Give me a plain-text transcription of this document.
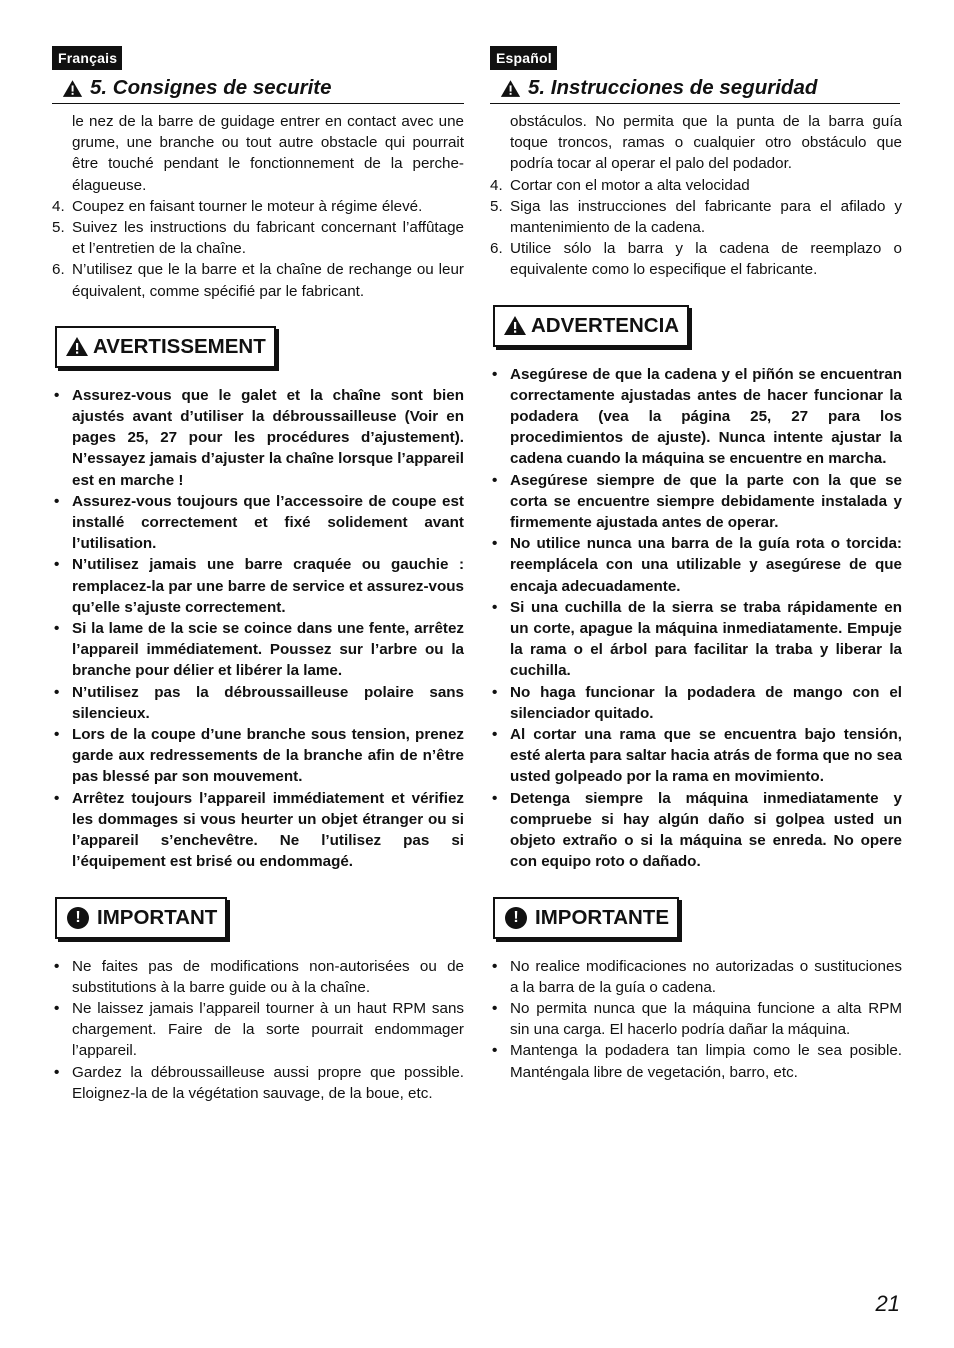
Français
5. Consignes de securite

le nez de la barre de guidage entrer en contact avec une grume, une branche ou tout autre obstacle qui pourrait être touché pendant le fonctionnement de la perche-élagueuse.

4. Coupez en faisant tourner le moteur à régime élevé.

5. Suivez les instructions du fabricant concernant l’affûtage et l’entretien de la chaîne.

6. N’utilisez que le la barre et la chaîne de rechange ou leur équivalent, comme spécifié par le fabricant.

AVERTISSEMENT

• Assurez-vous que le galet et la chaîne sont bien ajustés avant d’utiliser la débroussailleuse (Voir en pages 25, 27 pour les procédures d’ajustement). N’essayez jamais d’ajuster la chaîne lorsque l’appareil est en marche !

• Assurez-vous toujours que l’accessoire de coupe est installé correctement et fixé solidement avant l’utilisation.

• N’utilisez jamais une barre craquée ou gauchie : remplacez-la par une barre de service et assurez-vous qu’elle s’ajuste correctement.

• Si la lame de la scie se coince dans une fente, arrêtez l’appareil immédiatement. Poussez sur l’arbre ou la branche pour délier et libérer la lame.

• N’utilisez pas la débroussailleuse polaire sans silencieux.

• Lors de la coupe d’une branche sous tension, prenez garde aux redressements de la branche afin de n’être pas blessé par son mouvement.

• Arrêtez toujours l’appareil immédiatement et vérifiez les dommages si vous heurter un objet étranger ou si l’appareil s’enchevêtre. Ne l’utilisez pas si l’équipement est brisé ou endommagé.

! IMPORTANT

• Ne faites pas de modifications non-autorisées ou de substitutions à la barre guide ou à la chaîne.

• Ne laissez jamais l’appareil tourner à un haut RPM sans chargement. Faire de la sorte pourrait endommager l’appareil.

• Gardez la débroussailleuse aussi propre que possible. Eloignez-la de la végétation sauvage, de la boue, etc.

Español
5. Instrucciones de seguridad

obstáculos. No permita que la punta de la barra guía toque troncos, ramas o cualquier otro obstáculo que podría tocar al operar el palo del podador.

4. Cortar con el motor a alta velocidad

5. Siga las instrucciones del fabricante para el afilado y mantenimiento de la cadena.

6. Utilice sólo la barra y la cadena de reemplazo o equivalente como lo especifique el fabricante.

ADVERTENCIA

• Asegúrese de que la cadena y el piñón se encuentran correctamente ajustadas antes de hacer funcionar la podadera (vea la página 25, 27 para los procedimientos de ajuste). Nunca intente ajustar la cadena cuando la máquina se encuentre en marcha.

• Asegúrese siempre de que la parte con la que se corta se encuentre siempre debidamente instalada y firmemente ajustada antes de operar.

• No utilice nunca una barra de la guía rota o torcida: reemplácela con una utilizable y asegúrese de que encaja adecuadamente.

• Si una cuchilla de la sierra se traba rápidamente en un corte, apague la máquina inmediatamente. Empuje la rama o el árbol para facilitar la traba y liberar la cuchilla.

• No haga funcionar la podadera de mango con el silenciador quitado.

• Al cortar una rama que se encuentra bajo tensión, esté alerta para saltar hacia atrás de forma que no sea usted golpeado por la rama en movimiento.

• Detenga siempre la máquina inmediatamente y compruebe si hay algún daño si golpea usted un objeto extraño o si la máquina se enreda. No opere con equipo roto o dañado.

! IMPORTANTE

• No realice modificaciones no autorizadas o sustituciones a la barra de la guía o cadena.

• No permita nunca que la máquina funcione a alta RPM sin una carga. El hacerlo podría dañar la máquina.

• Mantenga la podadera tan limpia como le sea posible. Manténgala libre de vegetación, barro, etc.

21
